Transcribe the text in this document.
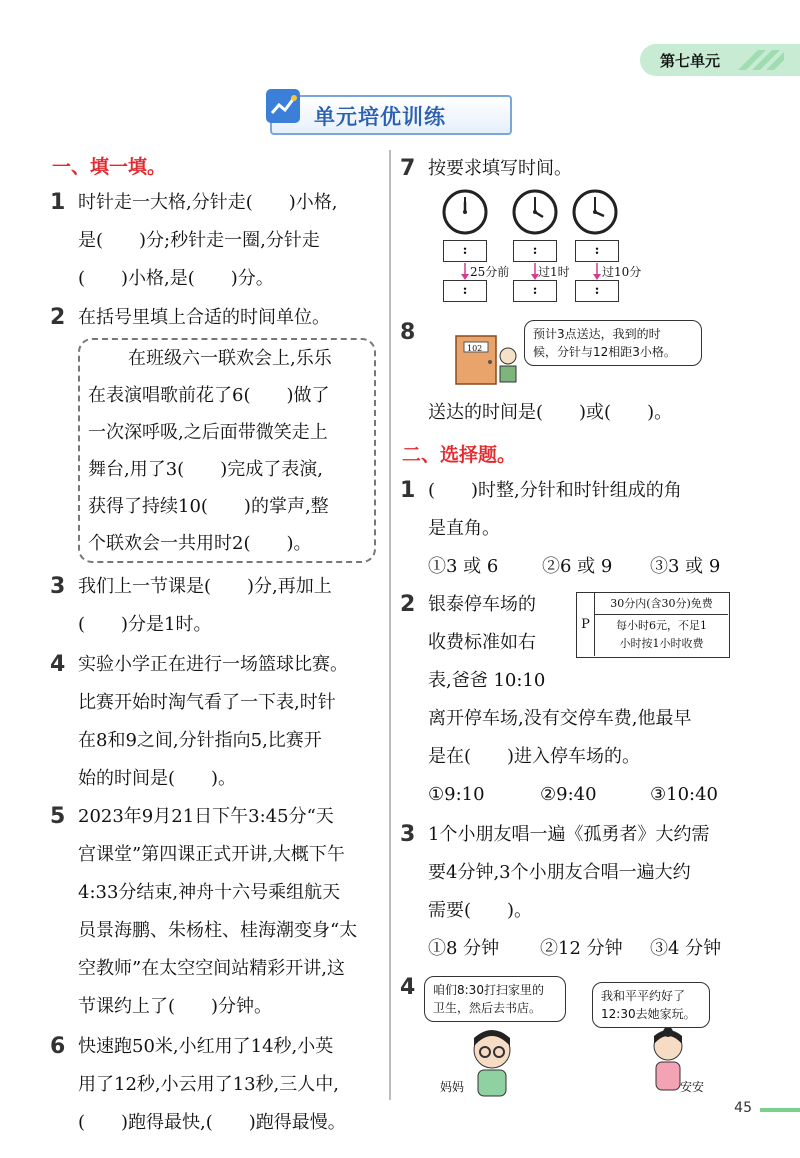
第七单元
单元培优训练
一、填一填。
1 时针走一大格,分针走(　　)小格,
是(　　)分;秒针走一圈,分针走
(　　)小格,是(　　)分。
2 在括号里填上合适的时间单位。
在班级六一联欢会上,乐乐
在表演唱歌前花了6(　　)做了
一次深呼吸,之后面带微笑走上
舞台,用了3(　　)完成了表演,
获得了持续10(　　)的掌声,整
个联欢会一共用时2(　　)。
3 我们上一节课是(　　)分,再加上
(　　)分是1时。
4 实验小学正在进行一场篮球比赛。
比赛开始时淘气看了一下表,时针
在8和9之间,分针指向5,比赛开
始的时间是(　　)。
5 2023年9月21日下午3:45分“天
宫课堂”第四课正式开讲,大概下午
4:33分结束,神舟十六号乘组航天
员景海鹏、朱杨柱、桂海潮变身“太
空教师”在太空空间站精彩开讲,这
节课约上了(　　)分钟。
6 快速跑50米,小红用了14秒,小英
用了12秒,小云用了13秒,三人中,
(　　)跑得最快,(　　)跑得最慢。
7 按要求填写时间。
:	:	:
25分前 过1时	过10分
:	:	:
8
102
预计3点送达，我到的时
候，分针与12相距3小格。
送达的时间是(　　)或(　　)。
二、选择题。
1 (　　)时整,分针和时针组成的角
是直角。
①3 或 6 ②6 或 9 ③3 或 9
2 银泰停车场的
收费标准如右
表,爸爸 10:10
离开停车场,没有交停车费,他最早
是在(　　)进入停车场的。
P
30分内(含30分)免费
每小时6元，不足1
小时按1小时收费
①9:10	②9:40	③10:40
3 1个小朋友唱一遍《孤勇者》大约需
要4分钟,3个小朋友合唱一遍大约
需要(　　)。
①8 分钟 ②12 分钟 ③4 分钟
4 咱们8:30打扫家里的
卫生，然后去书店。
我和平平约好了
12:30去她家玩。
妈妈	安安
45
